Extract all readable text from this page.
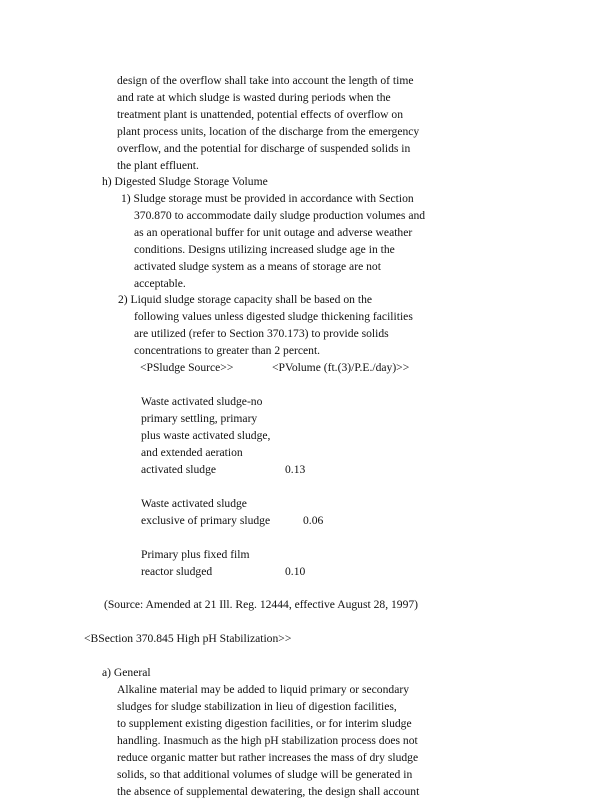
design of the overflow shall take into account the length of time
and rate at which sludge is wasted during periods when the
treatment plant is unattended, potential effects of overflow on
plant process units, location of the discharge from the emergency
overflow, and the potential for discharge of suspended solids in
the plant effluent.
h) Digested Sludge Storage Volume
1) Sludge storage must be provided in accordance with Section
370.870 to accommodate daily sludge production volumes and
as an operational buffer for unit outage and adverse weather
conditions. Designs utilizing increased sludge age in the
activated sludge system as a means of storage are not
acceptable.
2) Liquid sludge storage capacity shall be based on the
following values unless digested sludge thickening facilities
are utilized (refer to Section 370.173) to provide solids
concentrations to greater than 2 percent.
<PSludge Source>>	<PVolume (ft.(3)/P.E./day)>>
Waste activated sludge-no
primary settling, primary
plus waste activated sludge,
and extended aeration
activated sludge	0.13
Waste activated sludge
exclusive of primary sludge	0.06
Primary plus fixed film
reactor sludged	0.10
(Source: Amended at 21 Ill. Reg. 12444, effective August 28, 1997)
<BSection 370.845 High pH Stabilization>>
a) General
Alkaline material may be added to liquid primary or secondary
sludges for sludge stabilization in lieu of digestion facilities,
to supplement existing digestion facilities, or for interim sludge
handling. Inasmuch as the high pH stabilization process does not
reduce organic matter but rather increases the mass of dry sludge
solids, so that additional volumes of sludge will be generated in
the absence of supplemental dewatering, the design shall account
